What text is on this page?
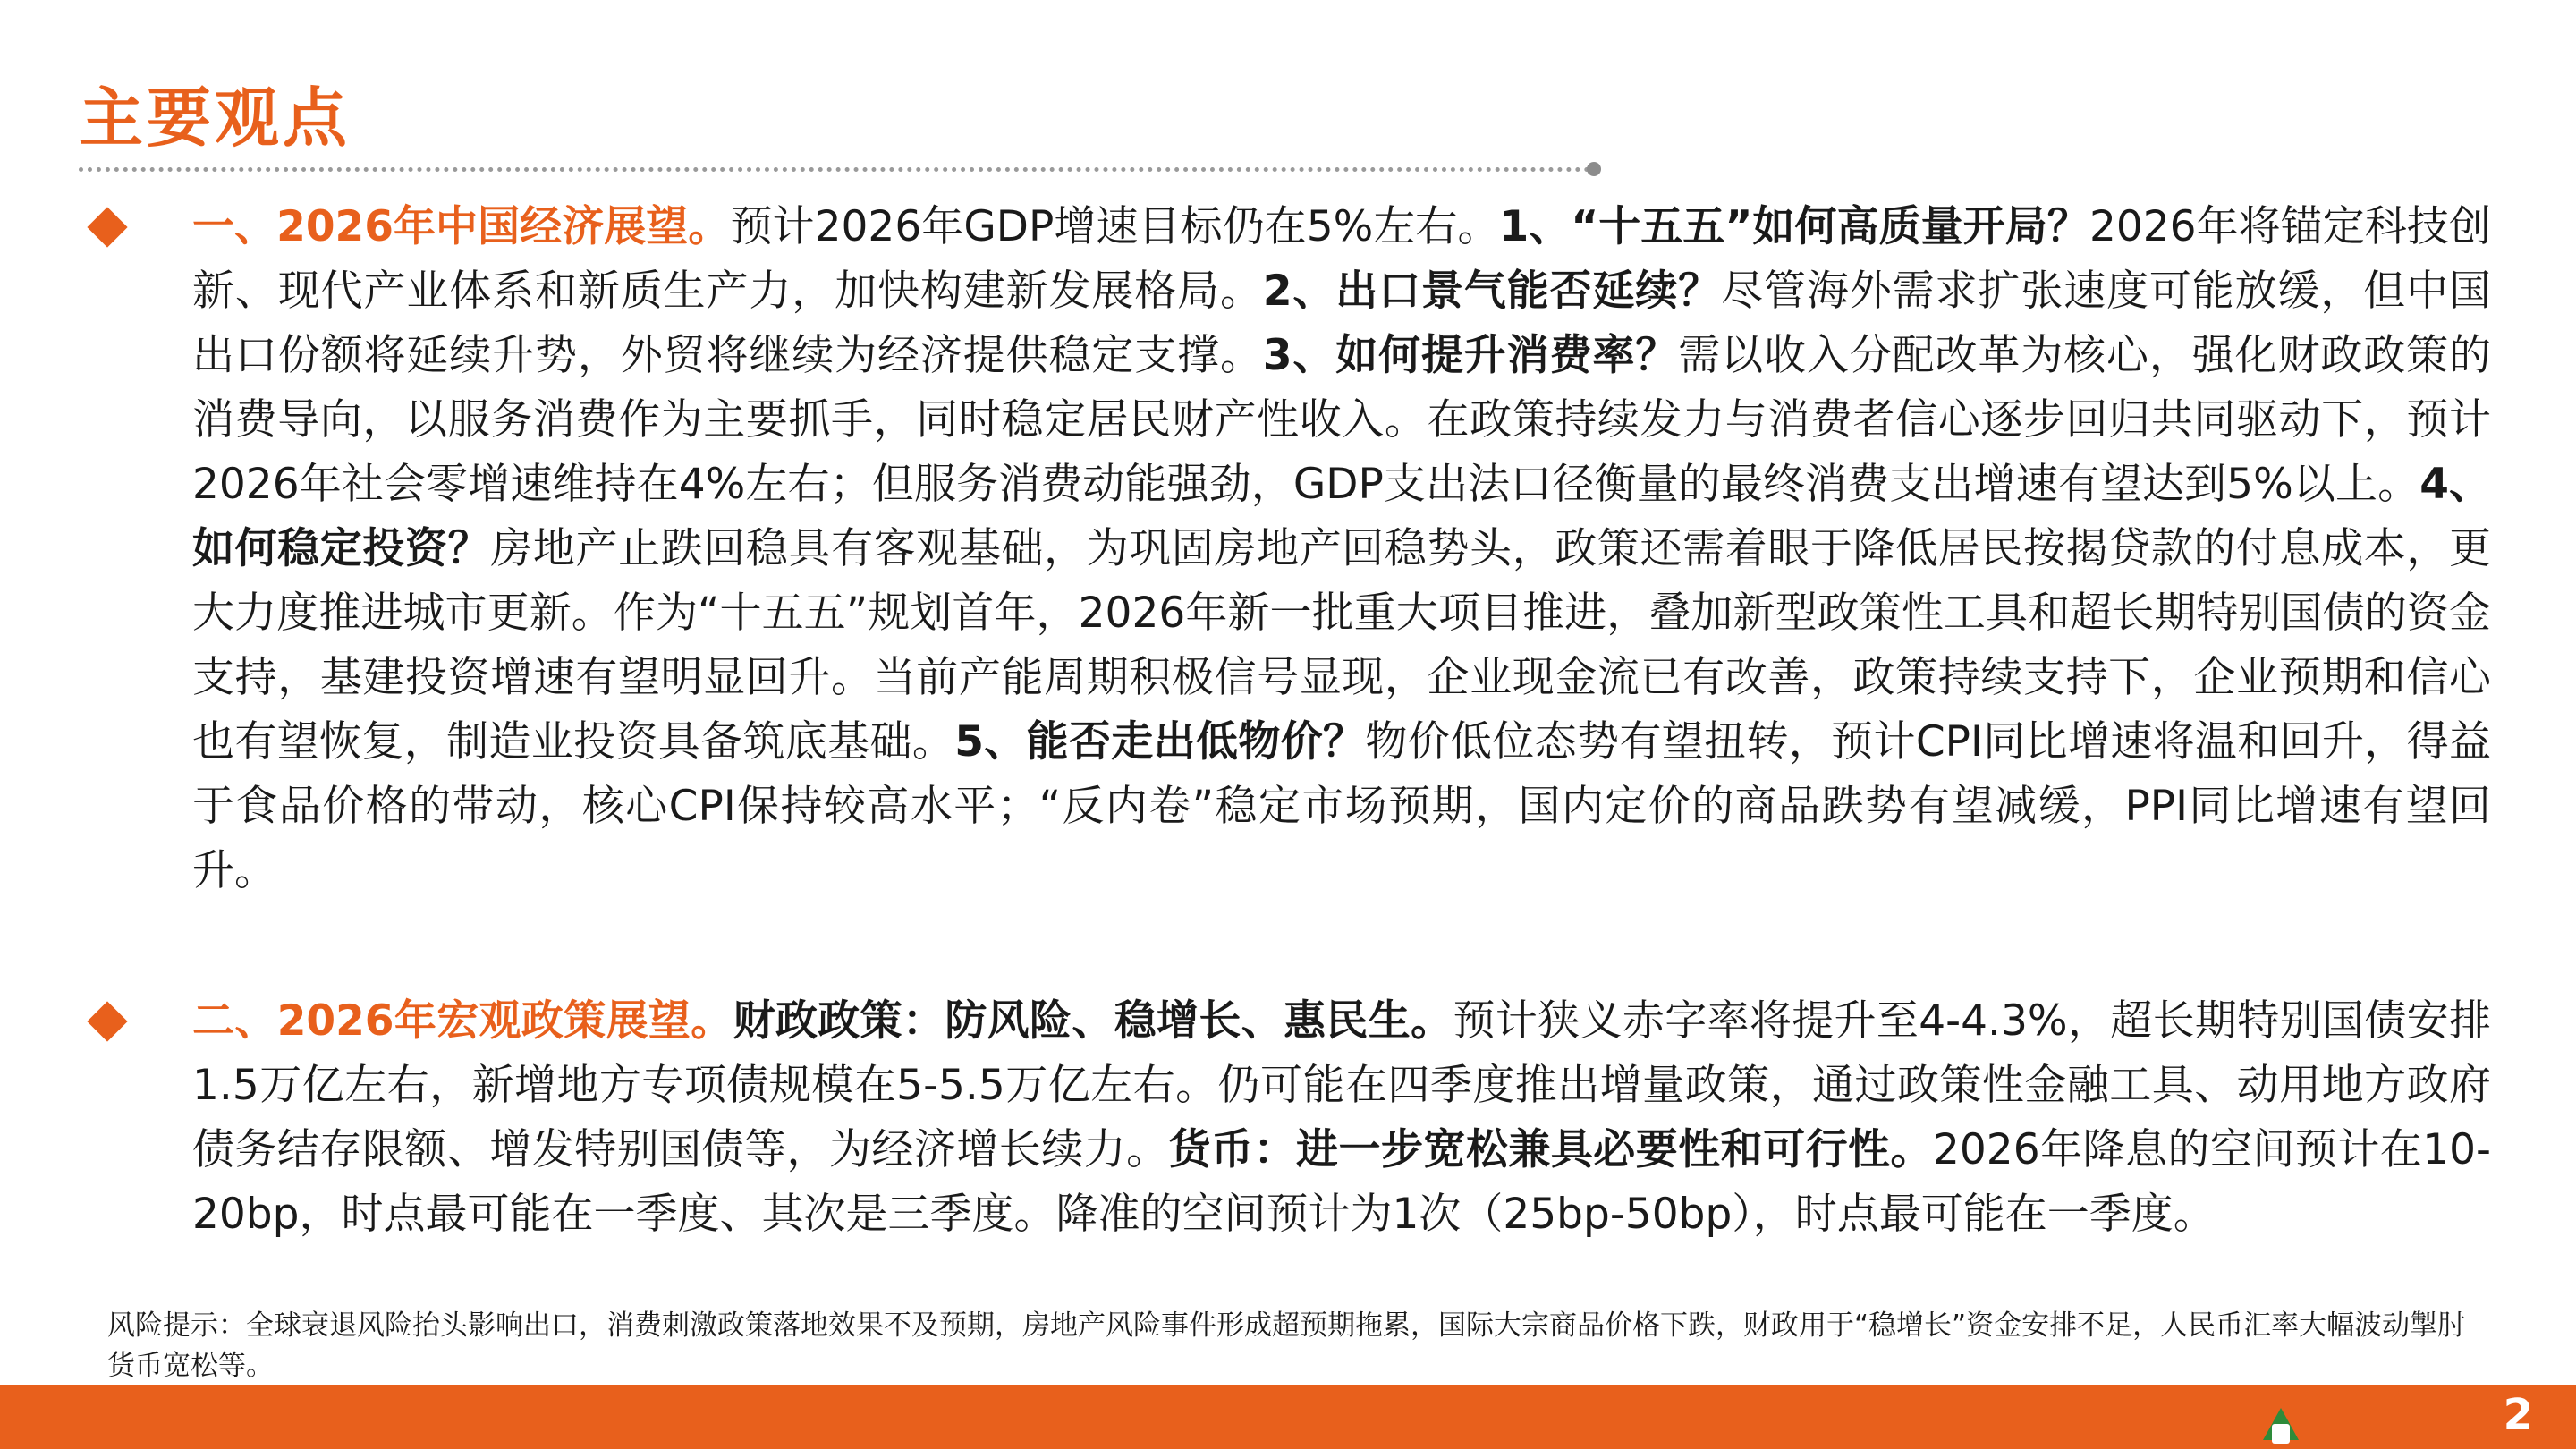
主要观点
一、2026年中国经济展望。预计2026年GDP增速目标仍在5%左右。1、“十五五”如何高质量开局？2026年将锚定科技创新、现代产业体系和新质生产力，加快构建新发展格局。2、出口景气能否延续？尽管海外需求扩张速度可能放缓，但中国出口份额将延续升势，外贸将继续为经济提供稳定支撑。3、如何提升消费率？需以收入分配改革为核心，强化财政政策的消费导向，以服务消费作为主要抓手，同时稳定居民财产性收入。在政策持续发力与消费者信心逐步回归共同驱动下，预计2026年社会零增速维持在4%左右；但服务消费动能强劲，GDP支出法口径衡量的最终消费支出增速有望达到5%以上。4、如何稳定投资？房地产止跌回稳具有客观基础，为巩固房地产回稳势头，政策还需着眼于降低居民按揭贷款的付息成本，更大力度推进城市更新。作为“十五五”规划首年，2026年新一批重大项目推进，叠加新型政策性工具和超长期特别国债的资金支持，基建投资增速有望明显回升。当前产能周期积极信号显现，企业现金流已有改善，政策持续支持下，企业预期和信心也有望恢复，制造业投资具备筑底基础。5、能否走出低物价？物价低位态势有望扭转，预计CPI同比增速将温和回升，得益于食品价格的带动，核心CPI保持较高水平；“反内卷”稳定市场预期，国内定价的商品跌势有望减缓，PPI同比增速有望回升。
二、2026年宏观政策展望。财政政策：防风险、稳增长、惠民生。预计狭义赤字率将提升至4-4.3%，超长期特别国债安排1.5万亿左右，新增地方专项债规模在5-5.5万亿左右。仍可能在四季度推出增量政策，通过政策性金融工具、动用地方政府债务结存限额、增发特别国债等，为经济增长续力。货币：进一步宽松兼具必要性和可行性。2026年降息的空间预计在10-20bp，时点最可能在一季度、其次是三季度。降准的空间预计为1次（25bp-50bp），时点最可能在一季度。
风险提示：全球衰退风险抬头影响出口，消费刺激政策落地效果不及预期，房地产风险事件形成超预期拖累，国际大宗商品价格下跌，财政用于“稳增长”资金安排不足，人民币汇率大幅波动掣肘货币宽松等。
2
